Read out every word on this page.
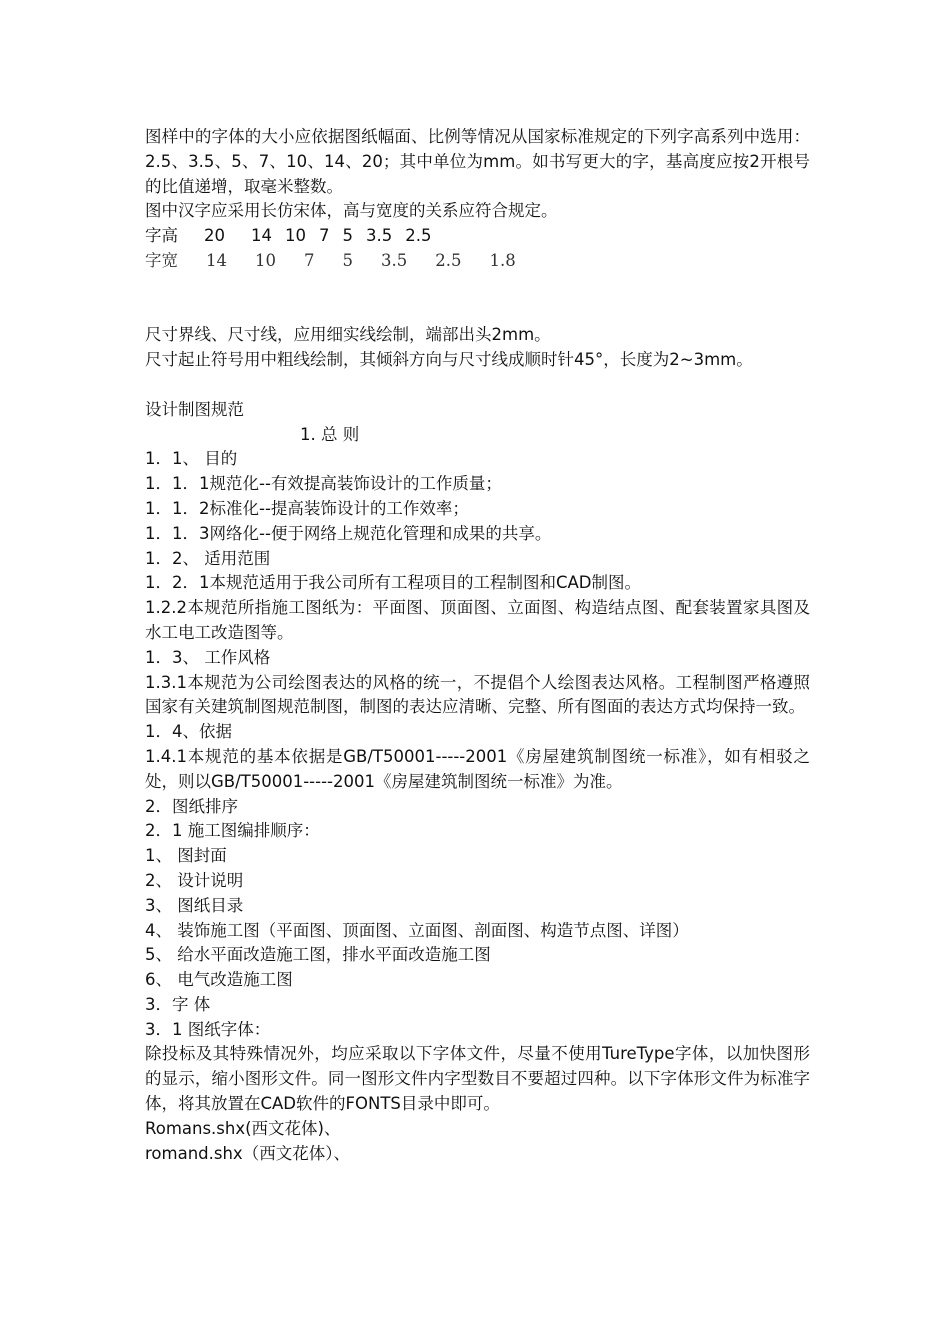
图样中的字体的大小应依据图纸幅面、比例等情况从国家标准规定的下列字高系列中选用：2.5、3.5、5、7、10、14、20；其中单位为mm。如书写更大的字，基高度应按2开根号的比值递增，取毫米整数。
图中汉字应采用长仿宋体，高与宽度的关系应符合规定。
字高 20 14 10 7 5 3.5 2.5
字宽 14 10 7 5 3.5 2.5 1.8
尺寸界线、尺寸线，应用细实线绘制，端部出头2mm。
尺寸起止符号用中粗线绘制，其倾斜方向与尺寸线成顺时针45°，长度为2~3mm。
设计制图规范
1. 总 则
1．1、 目的
1．1．1规范化--有效提高装饰设计的工作质量；
1．1．2标准化--提高装饰设计的工作效率；
1．1．3网络化--便于网络上规范化管理和成果的共享。
1．2、 适用范围
1．2．1本规范适用于我公司所有工程项目的工程制图和CAD制图。
1.2.2本规范所指施工图纸为：平面图、顶面图、立面图、构造结点图、配套装置家具图及水工电工改造图等。
1．3、 工作风格
1.3.1本规范为公司绘图表达的风格的统一，不提倡个人绘图表达风格。工程制图严格遵照国家有关建筑制图规范制图，制图的表达应清晰、完整、所有图面的表达方式均保持一致。
1．4、依据
1.4.1本规范的基本依据是GB/T50001-----2001《房屋建筑制图统一标准》，如有相驳之处，则以GB/T50001-----2001《房屋建筑制图统一标准》为准。
2．图纸排序
2．1 施工图编排顺序：
1、 图封面
2、 设计说明
3、 图纸目录
4、 装饰施工图（平面图、顶面图、立面图、剖面图、构造节点图、详图）
5、 给水平面改造施工图，排水平面改造施工图
6、 电气改造施工图
3．字 体
3．1 图纸字体：
除投标及其特殊情况外，均应采取以下字体文件，尽量不使用TureType字体，以加快图形的显示，缩小图形文件。同一图形文件内字型数目不要超过四种。以下字体形文件为标准字体，将其放置在CAD软件的FONTS目录中即可。
Romans.shx(西文花体)、
romand.shx（西文花体）、
